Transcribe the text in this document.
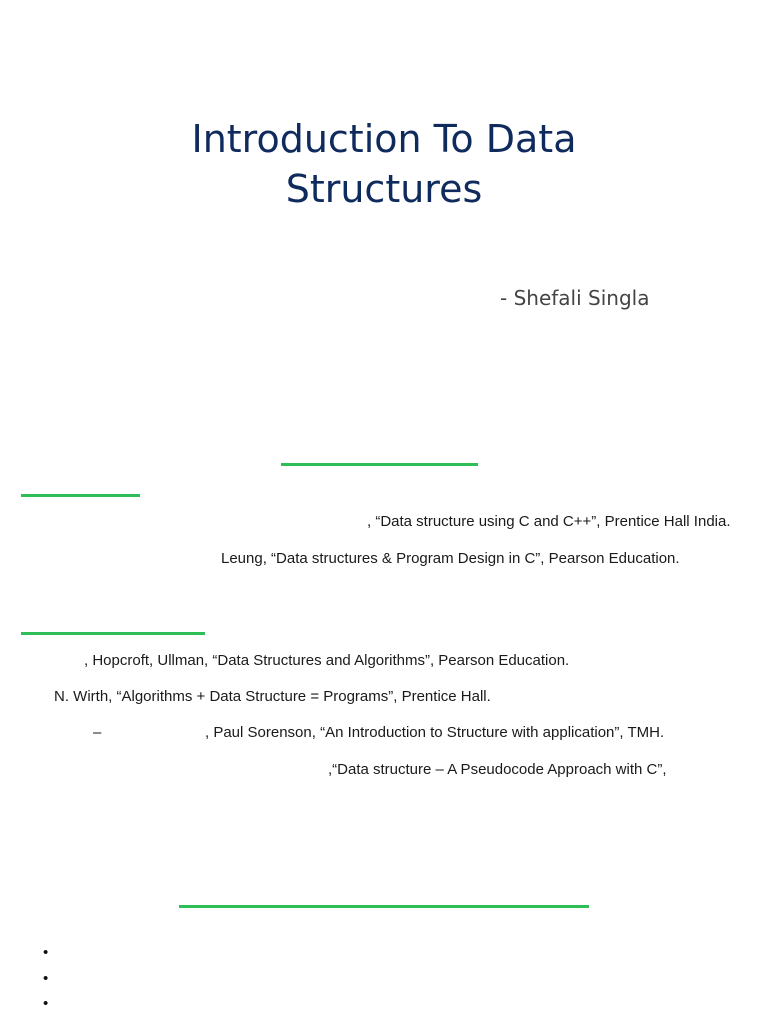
Introduction To Data
Structures
- Shefali Singla
, “Data structure using C and C++”, Prentice Hall India.
Leung, “Data structures & Program Design in C”, Pearson Education.
, Hopcroft, Ullman, “Data Structures and Algorithms”, Pearson Education.
N. Wirth, “Algorithms + Data Structure = Programs”, Prentice Hall.
–	, Paul Sorenson, “An Introduction to Structure with application”, TMH.
,“Data structure – A Pseudocode Approach with C”,
•
•
•
